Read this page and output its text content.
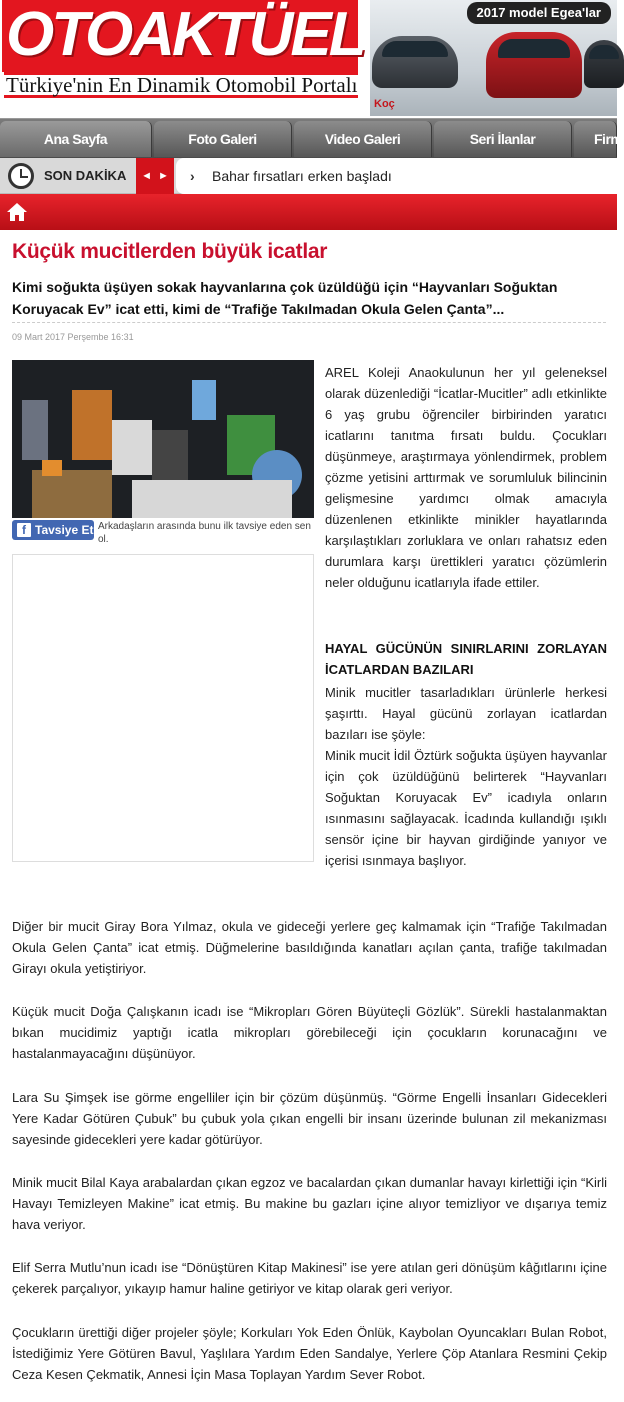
OTOAKTÜEL
Türkiye'nin En Dinamik Otomobil Portalı
2017 model Egea'lar
Koç
Ana Sayfa	Foto Galeri	Video Galeri	Seri İlanlar	Firm
SON DAKİKA	◄ ►	› Bahar fırsatları erken başladı
Küçük mucitlerden büyük icatlar
Kimi soğukta üşüyen sokak hayvanlarına çok üzüldüğü için “Hayvanları Soğuktan Koruyacak Ev” icat etti, kimi de “Trafiğe Takılmadan Okula Gelen Çanta”...
09 Mart 2017 Perşembe 16:31
f Tavsiye Et Arkadaşların arasında bunu ilk tavsiye eden sen ol.

AREL Koleji Anaokulunun her yıl geleneksel olarak düzenlediği “İcatlar-Mucitler” adlı etkinlikte 6 yaş grubu öğrenciler birbirinden yaratıcı icatlarını tanıtma fırsatı buldu. Çocukları düşünmeye, araştırmaya yönlendirmek, problem çözme yetisini arttırmak ve sorumluluk bilincinin gelişmesine yardımcı olmak amacıyla düzenlenen etkinlikte minikler hayatlarında karşılaştıkları zorluklara ve onları rahatsız eden durumlara karşı ürettikleri yaratıcı çözümlerin neler olduğunu icatlarıyla ifade ettiler.

HAYAL GÜCÜNÜN SINIRLARINI ZORLAYAN İCATLARDAN BAZILARI

Minik mucitler tasarladıkları ürünlerle herkesi şaşırttı. Hayal gücünü zorlayan icatlardan bazıları ise şöyle:

Minik mucit İdil Öztürk soğukta üşüyen hayvanlar için çok üzüldüğünü belirterek “Hayvanları Soğuktan Koruyacak Ev” icadıyla onların ısınmasını sağlayacak. İcadında kullandığı ışıklı sensör içine bir hayvan girdiğinde yanıyor ve içerisi ısınmaya başlıyor.

Diğer bir mucit Giray Bora Yılmaz, okula ve gideceği yerlere geç kalmamak için “Trafiğe Takılmadan Okula Gelen Çanta” icat etmiş. Düğmelerine basıldığında kanatları açılan çanta, trafiğe takılmadan Girayı okula yetiştiriyor.
Küçük mucit Doğa Çalışkanın icadı ise “Mikropları Gören Büyüteçli Gözlük”. Sürekli hastalanmaktan bıkan mucidimiz yaptığı icatla mikropları görebileceği için çocukların korunacağını ve hastalanmayacağını düşünüyor.
Lara Su Şimşek ise görme engelliler için bir çözüm düşünmüş. “Görme Engelli İnsanları Gidecekleri Yere Kadar Götüren Çubuk” bu çubuk yola çıkan engelli bir insanı üzerinde bulunan zil mekanizması sayesinde gidecekleri yere kadar götürüyor.
Minik mucit Bilal Kaya arabalardan çıkan egzoz ve bacalardan çıkan dumanlar havayı kirlettiği için “Kirli Havayı Temizleyen Makine” icat etmiş. Bu makine bu gazları içine alıyor temizliyor ve dışarıya temiz hava veriyor.
Elif Serra Mutlu’nun icadı ise “Dönüştüren Kitap Makinesi” ise yere atılan geri dönüşüm kâğıtlarını içine çekerek parçalıyor, yıkayıp hamur haline getiriyor ve kitap olarak geri veriyor.
Çocukların ürettiği diğer projeler şöyle; Korkuları Yok Eden Önlük, Kaybolan Oyuncakları Bulan Robot, İstediğimiz Yere Götüren Bavul, Yaşlılara Yardım Eden Sandalye, Yerlere Çöp Atanlara Resmini Çekip Ceza Kesen Çekmatik, Annesi İçin Masa Toplayan Yardım Sever Robot.
